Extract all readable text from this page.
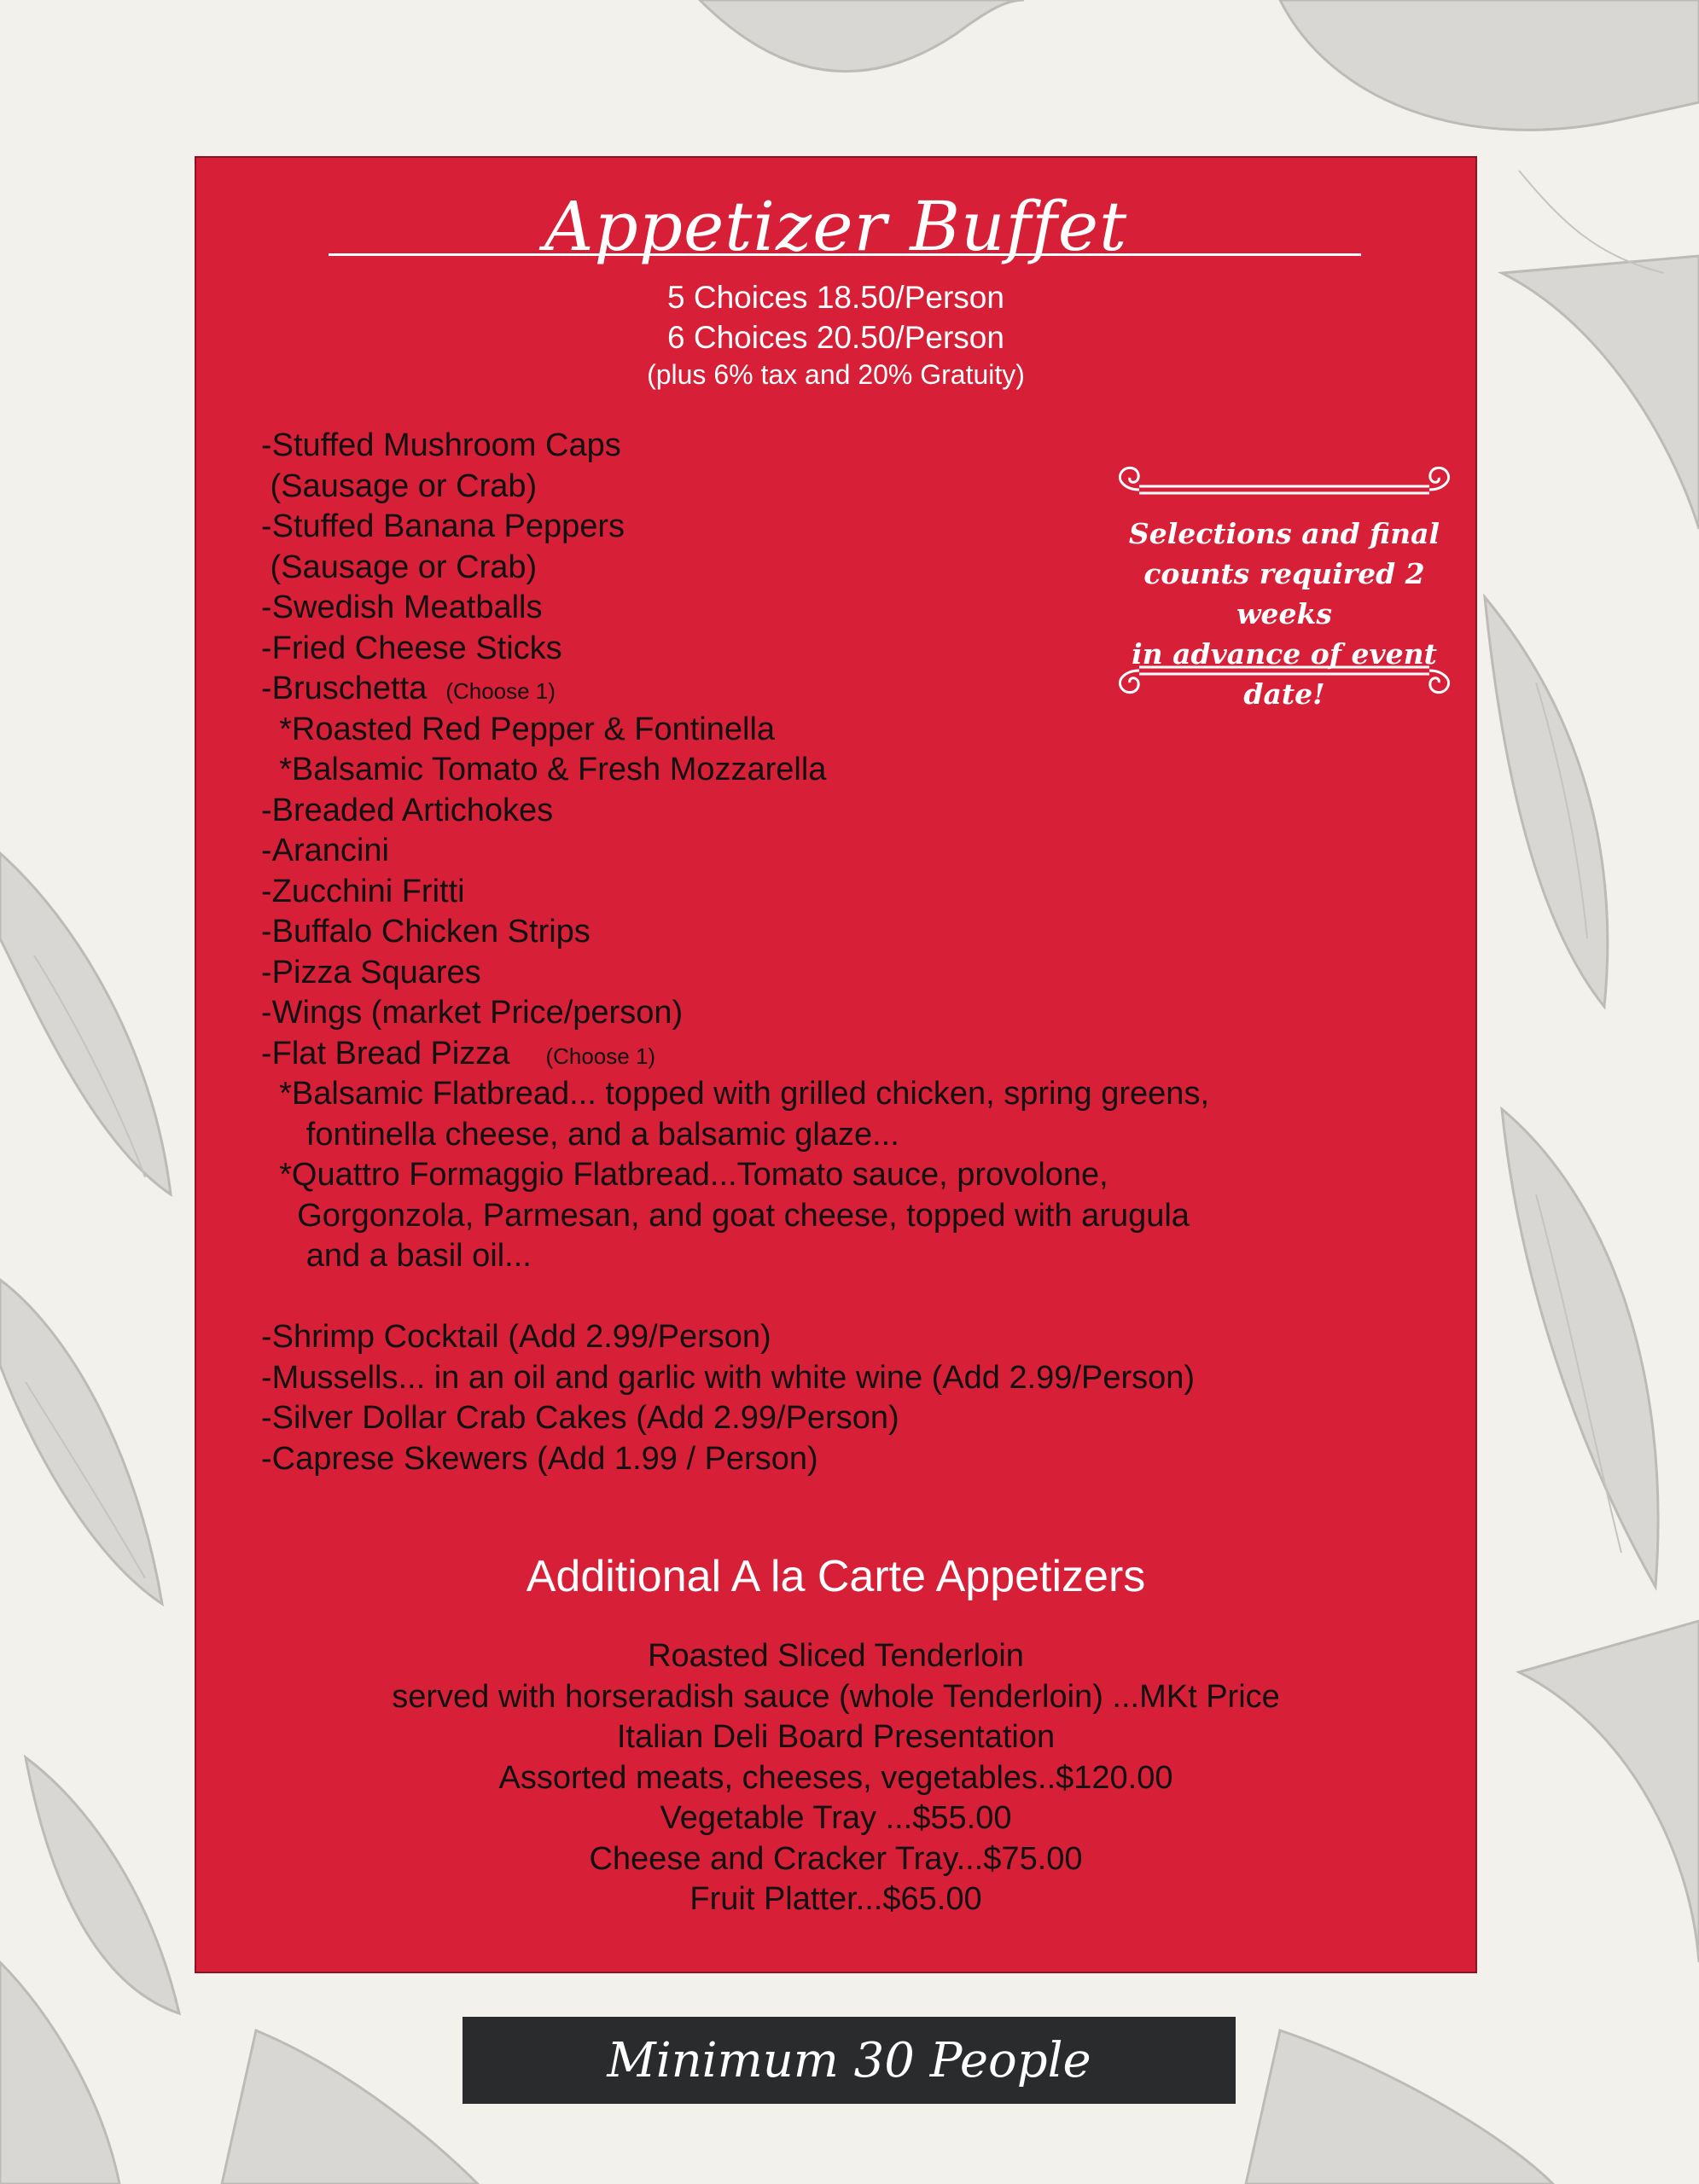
Appetizer Buffet
5 Choices 18.50/Person
6 Choices 20.50/Person
(plus 6% tax and 20% Gratuity)
-Stuffed Mushroom Caps
(Sausage or Crab)
-Stuffed Banana Peppers
(Sausage or Crab)
-Swedish Meatballs
-Fried Cheese Sticks
-Bruschetta (Choose 1)
*Roasted Red Pepper & Fontinella
*Balsamic Tomato & Fresh Mozzarella
-Breaded Artichokes
-Arancini
-Zucchini Fritti
-Buffalo Chicken Strips
-Pizza Squares
-Wings (market Price/person)
-Flat Bread Pizza (Choose 1)
*Balsamic Flatbread... topped with grilled chicken, spring greens,
fontinella cheese, and a balsamic glaze...
*Quattro Formaggio Flatbread...Tomato sauce, provolone,
Gorgonzola, Parmesan, and goat cheese, topped with arugula
and a basil oil...
-Shrimp Cocktail (Add 2.99/Person)
-Mussells... in an oil and garlic with white wine (Add 2.99/Person)
-Silver Dollar Crab Cakes (Add 2.99/Person)
-Caprese Skewers (Add 1.99 / Person)
Selections and final
counts required 2 weeks
in advance of event date!
Additional A la Carte Appetizers
Roasted Sliced Tenderloin
served with horseradish sauce (whole Tenderloin) ...MKt Price
Italian Deli Board Presentation
Assorted meats, cheeses, vegetables..$120.00
Vegetable Tray ...$55.00
Cheese and Cracker Tray...$75.00
Fruit Platter...$65.00
Minimum 30 People
